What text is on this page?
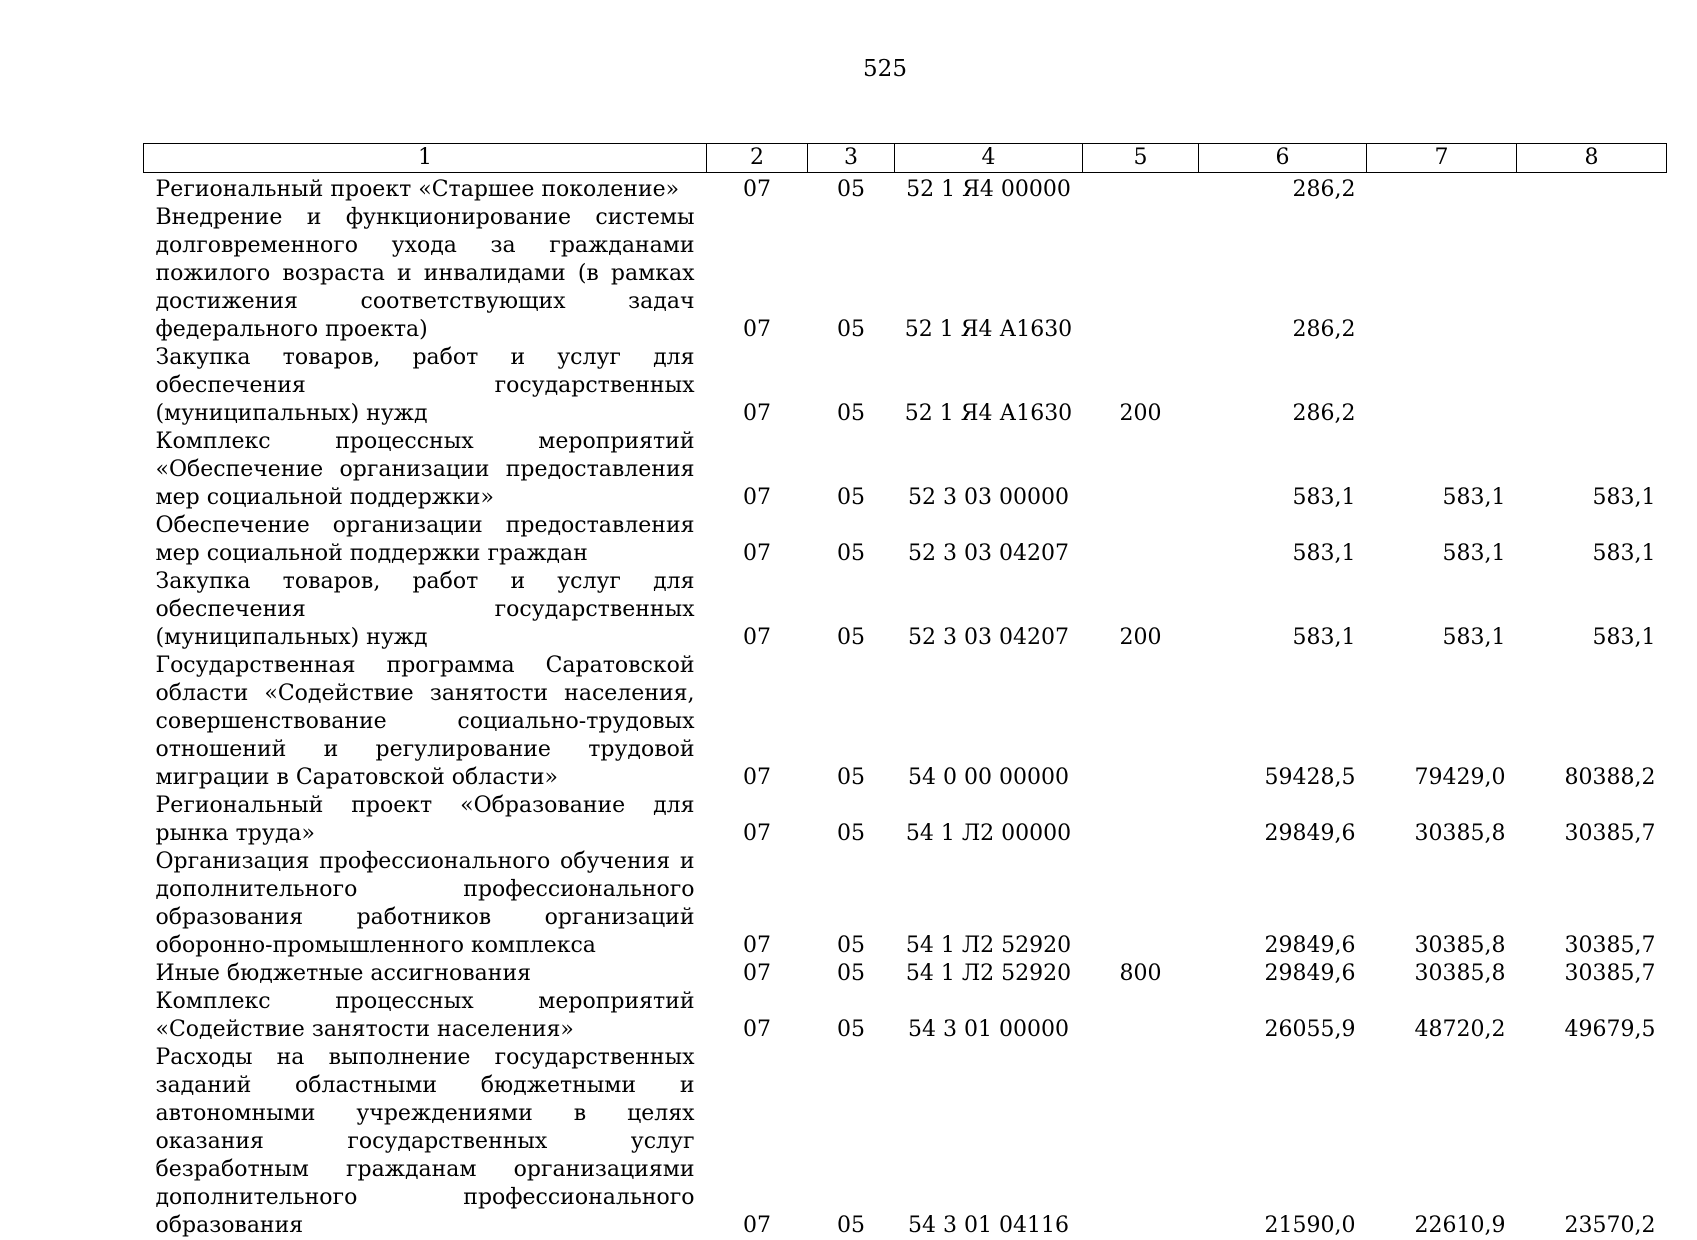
525
1	2	3	4	5	6	7	8
Региональный проект «Старшее поколение»	07	05	52 1 Я4 00000		286,2		
Внедрение и функционирование системы долговременного ухода за гражданами пожилого возраста и инвалидами (в рамках достижения соответствующих задач федерального проекта)	07	05	52 1 Я4 А1630		286,2		
Закупка товаров, работ и услуг для обеспечения государственных (муниципальных) нужд	07	05	52 1 Я4 А1630	200	286,2		
Комплекс процессных мероприятий «Обеспечение организации предоставления мер социальной поддержки»	07	05	52 3 03 00000		583,1	583,1	583,1
Обеспечение организации предоставления мер социальной поддержки граждан	07	05	52 3 03 04207		583,1	583,1	583,1
Закупка товаров, работ и услуг для обеспечения государственных (муниципальных) нужд	07	05	52 3 03 04207	200	583,1	583,1	583,1
Государственная программа Саратовской области «Содействие занятости населения, совершенствование социально-трудовых отношений и регулирование трудовой миграции в Саратовской области»	07	05	54 0 00 00000		59428,5	79429,0	80388,2
Региональный проект «Образование для рынка труда»	07	05	54 1 Л2 00000		29849,6	30385,8	30385,7
Организация профессионального обучения и дополнительного профессионального образования работников организаций оборонно-промышленного комплекса	07	05	54 1 Л2 52920		29849,6	30385,8	30385,7
Иные бюджетные ассигнования	07	05	54 1 Л2 52920	800	29849,6	30385,8	30385,7
Комплекс процессных мероприятий «Содействие занятости населения»	07	05	54 3 01 00000		26055,9	48720,2	49679,5
Расходы на выполнение государственных заданий областными бюджетными и автономными учреждениями в целях оказания государственных услуг безработным гражданам организациями дополнительного профессионального образования	07	05	54 3 01 04116		21590,0	22610,9	23570,2
